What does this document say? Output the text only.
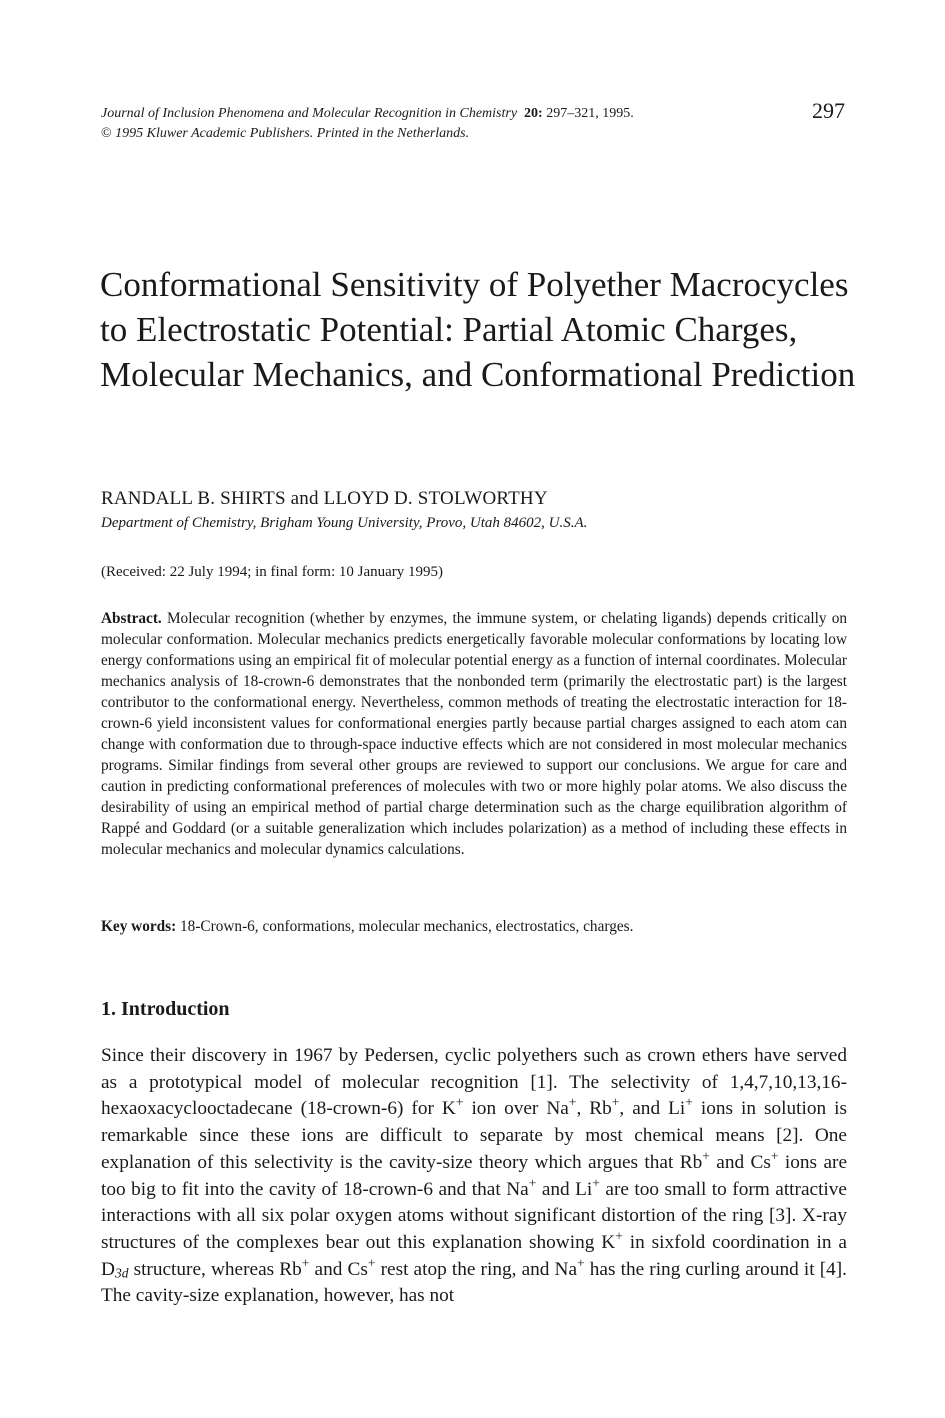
Journal of Inclusion Phenomena and Molecular Recognition in Chemistry 20: 297–321, 1995.
© 1995 Kluwer Academic Publishers. Printed in the Netherlands.
297
Conformational Sensitivity of Polyether Macrocycles to Electrostatic Potential: Partial Atomic Charges, Molecular Mechanics, and Conformational Prediction
RANDALL B. SHIRTS and LLOYD D. STOLWORTHY
Department of Chemistry, Brigham Young University, Provo, Utah 84602, U.S.A.
(Received: 22 July 1994; in final form: 10 January 1995)
Abstract. Molecular recognition (whether by enzymes, the immune system, or chelating ligands) depends critically on molecular conformation. Molecular mechanics predicts energetically favorable molecular conformations by locating low energy conformations using an empirical fit of molecular potential energy as a function of internal coordinates. Molecular mechanics analysis of 18-crown-6 demonstrates that the nonbonded term (primarily the electrostatic part) is the largest contributor to the conformational energy. Nevertheless, common methods of treating the electrostatic interaction for 18-crown-6 yield inconsistent values for conformational energies partly because partial charges assigned to each atom can change with conformation due to through-space inductive effects which are not considered in most molecular mechanics programs. Similar findings from several other groups are reviewed to support our conclusions. We argue for care and caution in predicting conformational preferences of molecules with two or more highly polar atoms. We also discuss the desirability of using an empirical method of partial charge determination such as the charge equilibration algorithm of Rappé and Goddard (or a suitable generalization which includes polarization) as a method of including these effects in molecular mechanics and molecular dynamics calculations.
Key words: 18-Crown-6, conformations, molecular mechanics, electrostatics, charges.
1. Introduction
Since their discovery in 1967 by Pedersen, cyclic polyethers such as crown ethers have served as a prototypical model of molecular recognition [1]. The selectivity of 1,4,7,10,13,16-hexaoxacyclooctadecane (18-crown-6) for K+ ion over Na+, Rb+, and Li+ ions in solution is remarkable since these ions are difficult to separate by most chemical means [2]. One explanation of this selectivity is the cavity-size theory which argues that Rb+ and Cs+ ions are too big to fit into the cavity of 18-crown-6 and that Na+ and Li+ are too small to form attractive interactions with all six polar oxygen atoms without significant distortion of the ring [3]. X-ray structures of the complexes bear out this explanation showing K+ in sixfold coordination in a $D_{3d}$ structure, whereas Rb+ and Cs+ rest atop the ring, and Na+ has the ring curling around it [4]. The cavity-size explanation, however, has not
